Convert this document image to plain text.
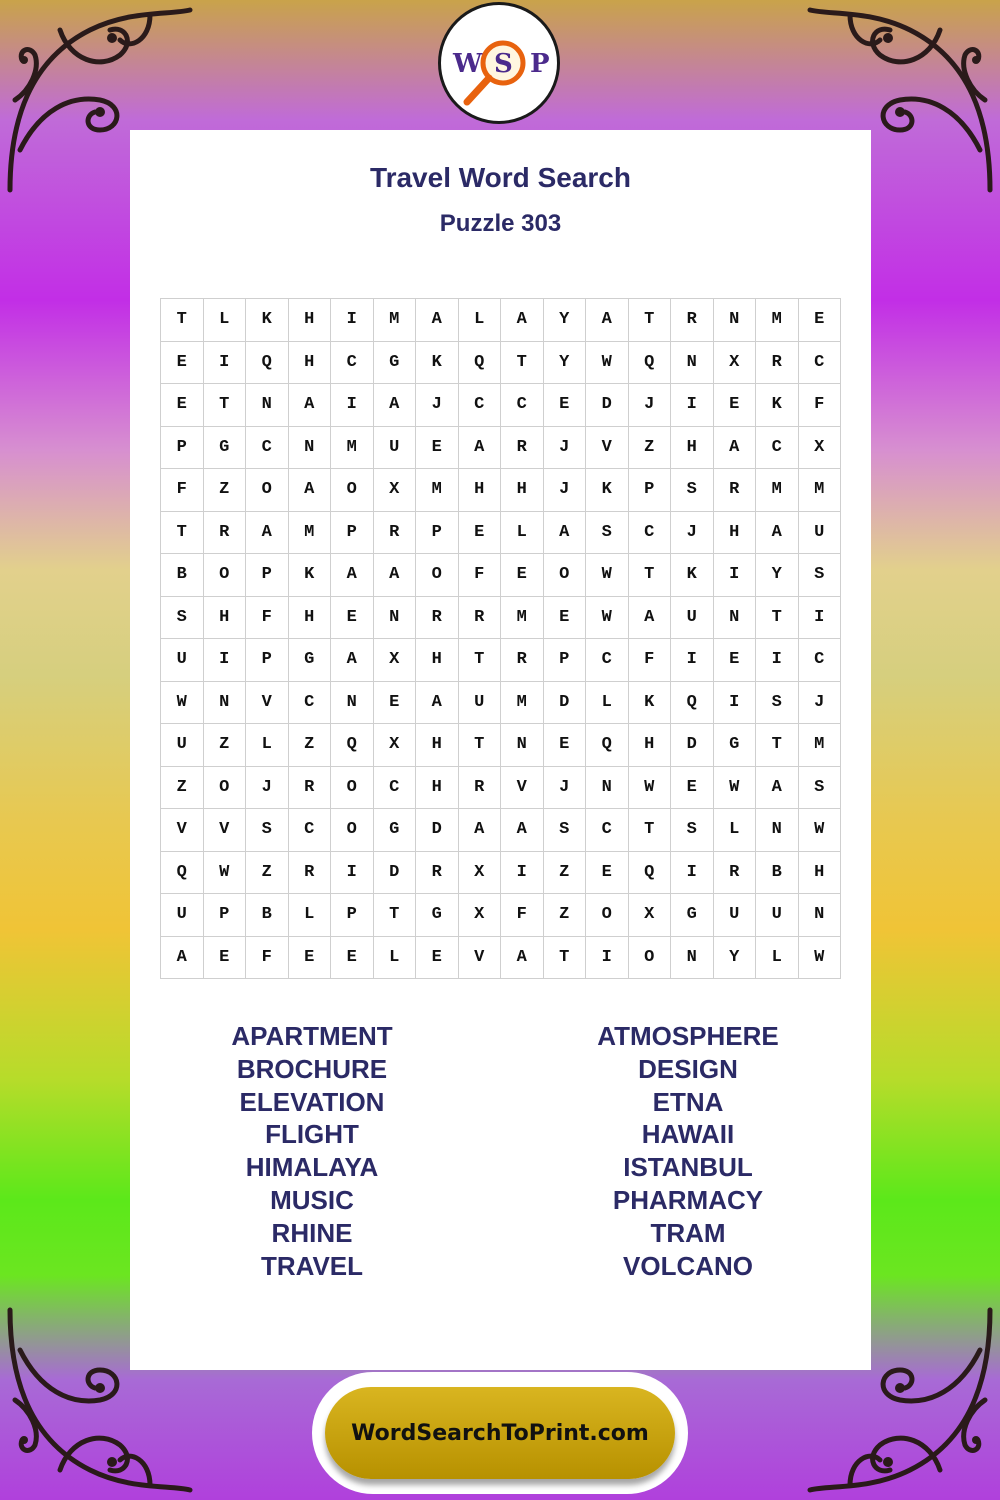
W S P
Travel Word Search
Puzzle 303
T	L	K	H	I	M	A	L	A	Y	A	T	R	N	M	E
E	I	Q	H	C	G	K	Q	T	Y	W	Q	N	X	R	C
E	T	N	A	I	A	J	C	C	E	D	J	I	E	K	F
P	G	C	N	M	U	E	A	R	J	V	Z	H	A	C	X
F	Z	O	A	O	X	M	H	H	J	K	P	S	R	M	M
T	R	A	M	P	R	P	E	L	A	S	C	J	H	A	U
B	O	P	K	A	A	O	F	E	O	W	T	K	I	Y	S
S	H	F	H	E	N	R	R	M	E	W	A	U	N	T	I
U	I	P	G	A	X	H	T	R	P	C	F	I	E	I	C
W	N	V	C	N	E	A	U	M	D	L	K	Q	I	S	J
U	Z	L	Z	Q	X	H	T	N	E	Q	H	D	G	T	M
Z	O	J	R	O	C	H	R	V	J	N	W	E	W	A	S
V	V	S	C	O	G	D	A	A	S	C	T	S	L	N	W
Q	W	Z	R	I	D	R	X	I	Z	E	Q	I	R	B	H
U	P	B	L	P	T	G	X	F	Z	O	X	G	U	U	N
A	E	F	E	E	L	E	V	A	T	I	O	N	Y	L	W
APARTMENT
BROCHURE
ELEVATION
FLIGHT
HIMALAYA
MUSIC
RHINE
TRAVEL
ATMOSPHERE
DESIGN
ETNA
HAWAII
ISTANBUL
PHARMACY
TRAM
VOLCANO
WordSearchToPrint.com
